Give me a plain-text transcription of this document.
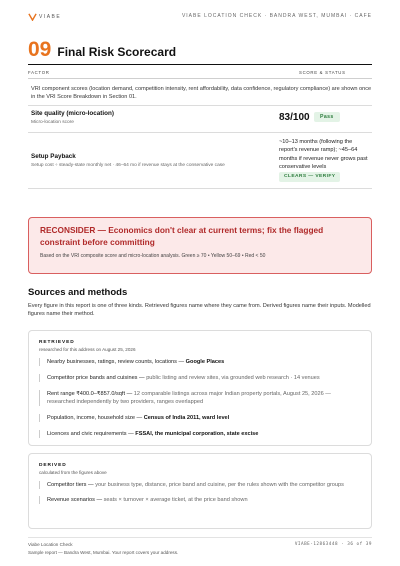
VIABE	VIABE LOCATION CHECK · BANDRA WEST, MUMBAI · CAFE
09 Final Risk Scorecard
FACTOR	SCORE & STATUS
VRI component scores (location demand, competition intensity, rent affordability, data confidence, regulatory compliance) are shown once in the VRI Score Breakdown in Section 01.
Site quality (micro-location)
Micro-location score	83/100	Pass
Setup Payback
Setup cost ÷ steady-state monthly net · 46–64 mo if revenue stays at the conservative case
~10–13 months (following the report's revenue ramp); ~45–64 months if revenue never grows past conservative levels CLEARS — VERIFY
RECONSIDER — Economics don't clear at current terms; fix the flagged constraint before committing
Based on the VRI composite score and micro-location analysis. Green ≥ 70 • Yellow 50–69 • Red < 50
Sources and methods
Every figure in this report is one of three kinds. Retrieved figures name where they came from. Derived figures name their inputs. Modelled figures name their method.
RETRIEVED
researched for this address on August 25, 2026
Nearby businesses, ratings, review counts, locations — Google Places
Competitor price bands and cuisines — public listing and review sites, via grounded web research · 14 venues
Rent range ₹400.0–₹857.0/sqft — 12 comparable listings across major Indian property portals, August 25, 2026 — researched independently by two providers, ranges overlapped
Population, income, household size — Census of India 2011, ward level
Licences and civic requirements — FSSAI, the municipal corporation, state excise
DERIVED
calculated from the figures above
Competitor tiers — your business type, distance, price band and cuisine, per the rules shown with the competitor groups
Revenue scenarios — seats × turnover × average ticket, at the price band shown
Viabe Location Check
Sample report — Bandra West, Mumbai. Your report covers your address.
VIABE-12863448 · 36 of 39
